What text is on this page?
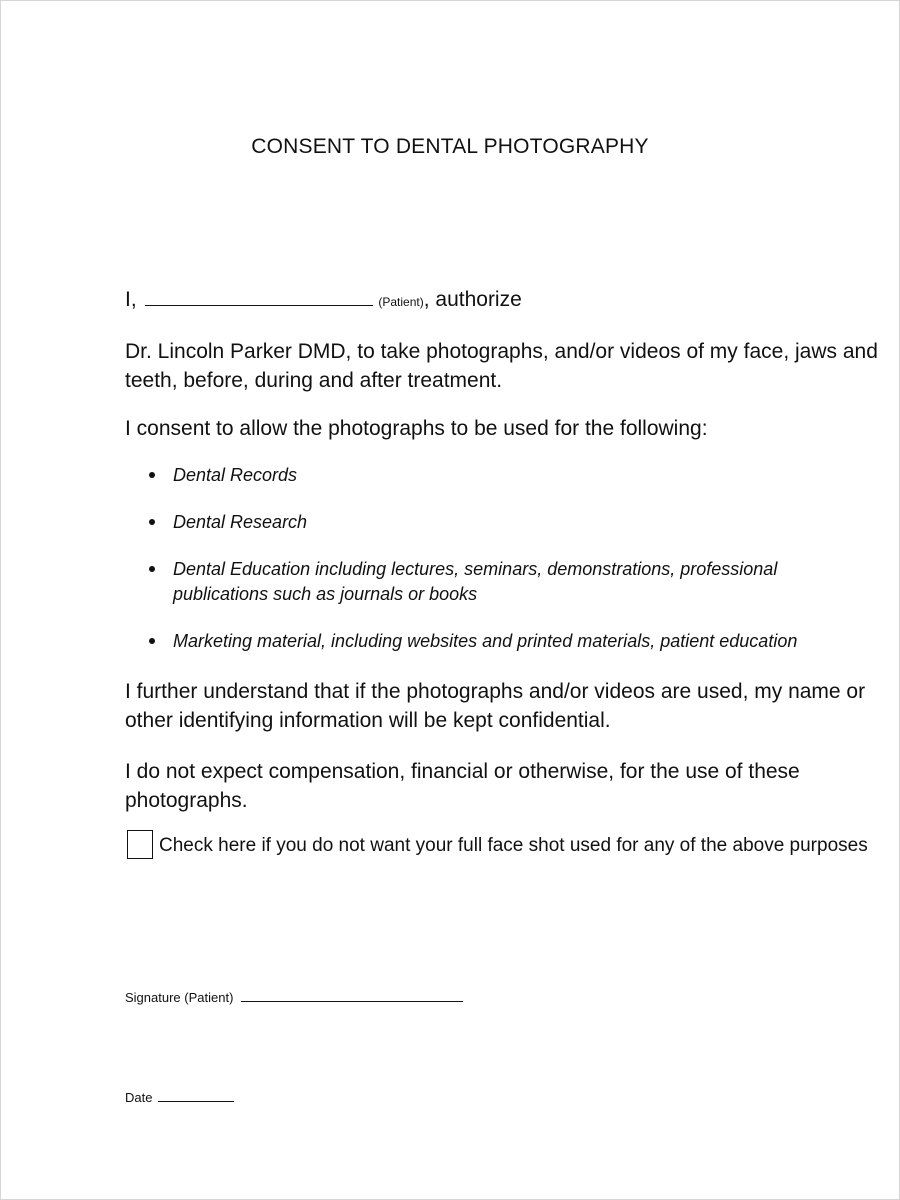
CONSENT TO DENTAL PHOTOGRAPHY
I,	(Patient), authorize
Dr. Lincoln Parker DMD, to take photographs, and/or videos of my face, jaws and
teeth, before, during and after treatment.
I consent to allow the photographs to be used for the following:
Dental Records
Dental Research
Dental Education including lectures, seminars, demonstrations, professional publications such as journals or books
Marketing material, including websites and printed materials, patient education
I further understand that if the photographs and/or videos are used, my name or
other identifying information will be kept confidential.
I do not expect compensation, financial or otherwise, for the use of these
photographs.
Check here if you do not want your full face shot used for any of the above purposes
Signature (Patient)
Date
